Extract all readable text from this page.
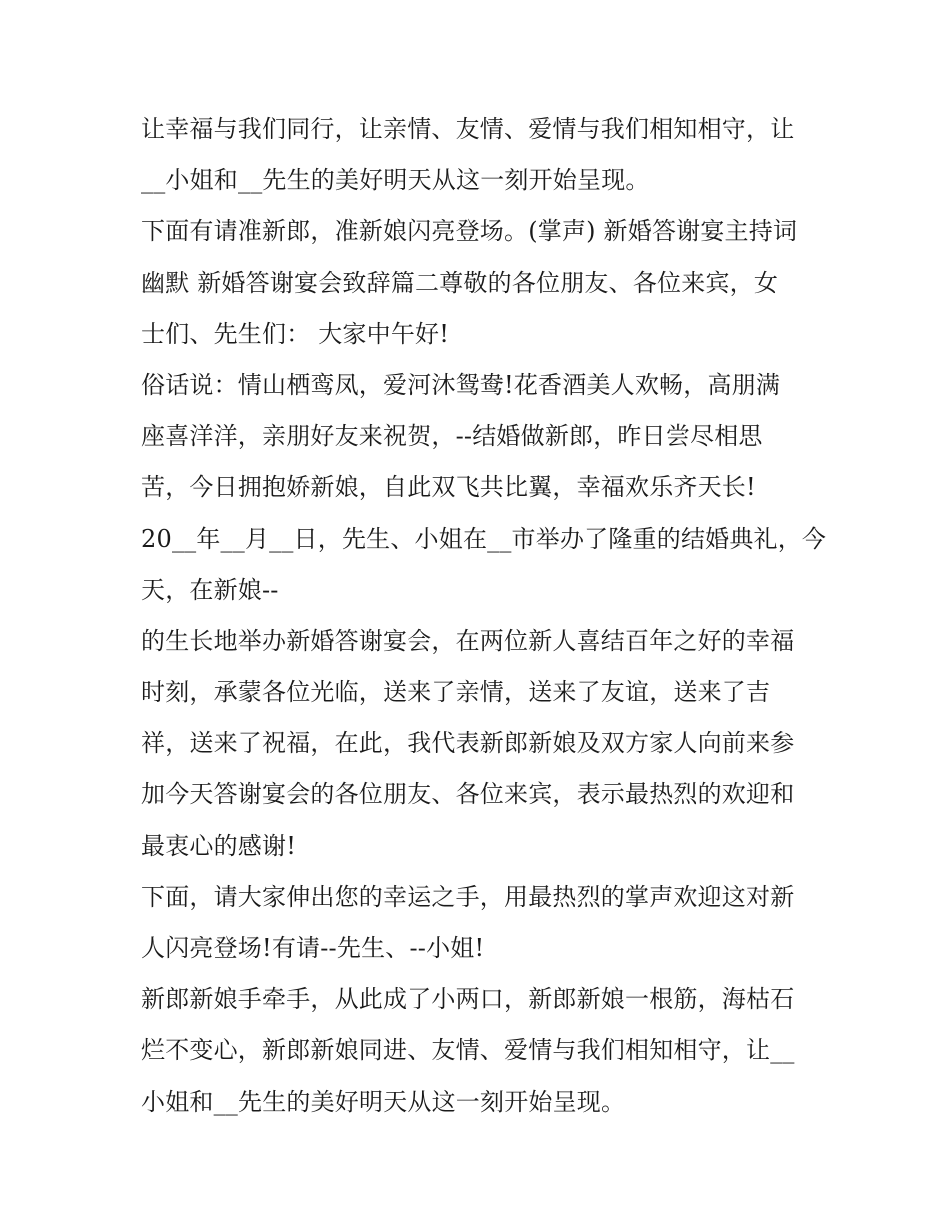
让幸福与我们同行，让亲情、友情、爱情与我们相知相守，让
__小姐和__先生的美好明天从这一刻开始呈现。
下面有请准新郎，准新娘闪亮登场。(掌声) 新婚答谢宴主持词
幽默 新婚答谢宴会致辞篇二尊敬的各位朋友、各位来宾，女
士们、先生们： 大家中午好!
俗话说：情山栖鸾凤，爱河沐鸳鸯!花香酒美人欢畅，高朋满
座喜洋洋，亲朋好友来祝贺，--结婚做新郎，昨日尝尽相思
苦，今日拥抱娇新娘，自此双飞共比翼，幸福欢乐齐天长!
20__年__月__日，先生、小姐在__市举办了隆重的结婚典礼，今
天，在新娘--
的生长地举办新婚答谢宴会，在两位新人喜结百年之好的幸福
时刻，承蒙各位光临，送来了亲情，送来了友谊，送来了吉
祥，送来了祝福，在此，我代表新郎新娘及双方家人向前来参
加今天答谢宴会的各位朋友、各位来宾，表示最热烈的欢迎和
最衷心的感谢!
下面，请大家伸出您的幸运之手，用最热烈的掌声欢迎这对新
人闪亮登场!有请--先生、--小姐!
新郎新娘手牵手，从此成了小两口，新郎新娘一根筋，海枯石
烂不变心，新郎新娘同进、友情、爱情与我们相知相守，让__
小姐和__先生的美好明天从这一刻开始呈现。
